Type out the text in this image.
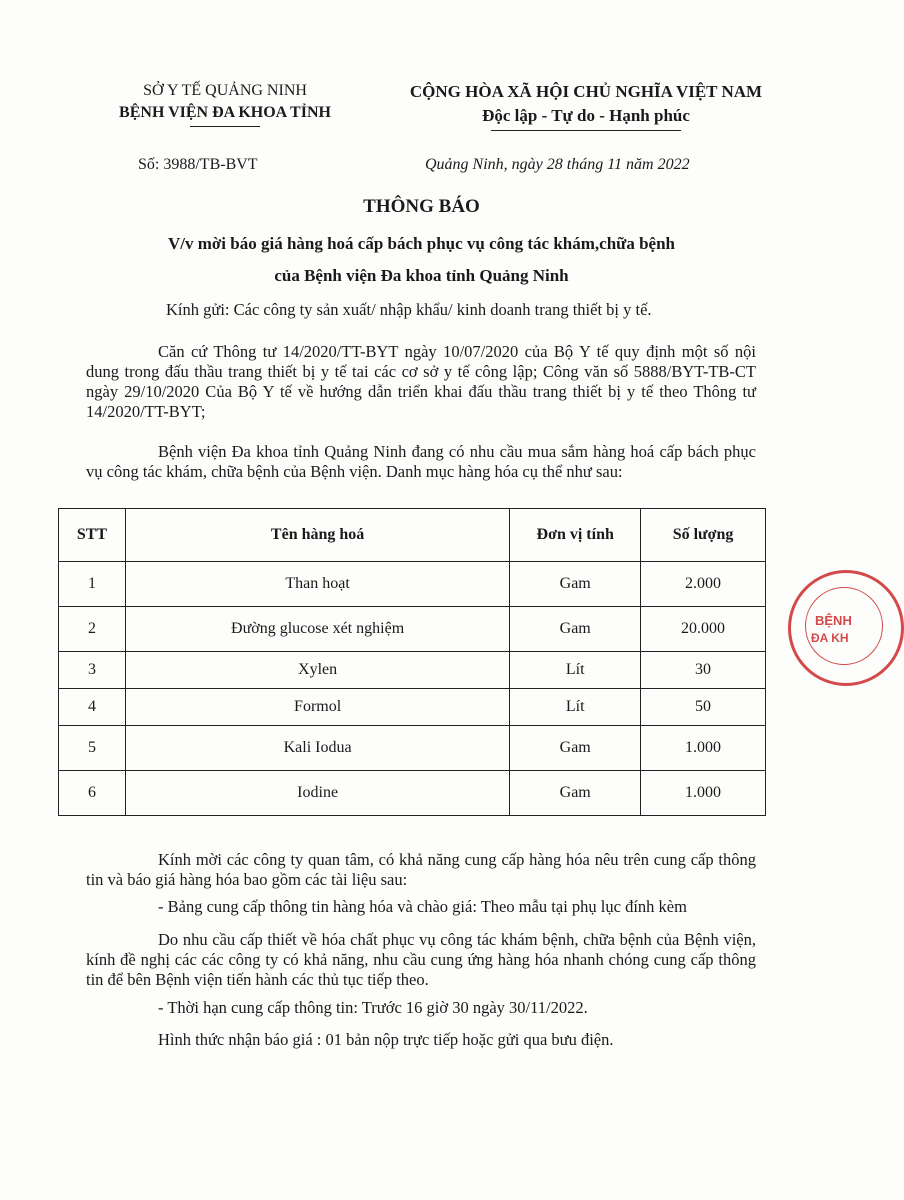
SỞ Y TẾ QUẢNG NINH
BỆNH VIỆN ĐA KHOA TỈNH
CỘNG HÒA XÃ HỘI CHỦ NGHĨA VIỆT NAM
Độc lập - Tự do - Hạnh phúc
Số: 3988/TB-BVT	Quảng Ninh, ngày 28 tháng 11 năm 2022
THÔNG BÁO
V/v mời báo giá hàng hoá cấp bách phục vụ công tác khám,chữa bệnh
của Bệnh viện Đa khoa tỉnh Quảng Ninh
Kính gửi: Các công ty sản xuất/ nhập khẩu/ kinh doanh trang thiết bị y tế.
Căn cứ Thông tư 14/2020/TT-BYT ngày 10/07/2020 của Bộ Y tế quy định một số nội dung trong đấu thầu trang thiết bị y tế tai các cơ sở y tế công lập; Công văn số 5888/BYT-TB-CT ngày 29/10/2020 Của Bộ Y tế về hướng dẫn triển khai đấu thầu trang thiết bị y tế theo Thông tư 14/2020/TT-BYT;
Bệnh viện Đa khoa tỉnh Quảng Ninh đang có nhu cầu mua sắm hàng hoá cấp bách phục vụ công tác khám, chữa bệnh của Bệnh viện. Danh mục hàng hóa cụ thể như sau:
STT	Tên hàng hoá	Đơn vị tính	Số lượng
1	Than hoạt	Gam	2.000
2	Đường glucose xét nghiệm	Gam	20.000
3	Xylen	Lít	30
4	Formol	Lít	50
5	Kali Iodua	Gam	1.000
6	Iodine	Gam	1.000
Kính mời các công ty quan tâm, có khả năng cung cấp hàng hóa nêu trên cung cấp thông tin và báo giá hàng hóa bao gồm các tài liệu sau:
- Bảng cung cấp thông tin hàng hóa và chào giá: Theo mẫu tại phụ lục đính kèm
Do nhu cầu cấp thiết về hóa chất phục vụ công tác khám bệnh, chữa bệnh của Bệnh viện, kính đề nghị các các công ty có khả năng, nhu cầu cung ứng hàng hóa nhanh chóng cung cấp thông tin để bên Bệnh viện tiến hành các thủ tục tiếp theo.
- Thời hạn cung cấp thông tin: Trước 16 giờ 30 ngày 30/11/2022.
Hình thức nhận báo giá : 01 bản nộp trực tiếp hoặc gửi qua bưu điện.
BỆNH
ĐA KH
